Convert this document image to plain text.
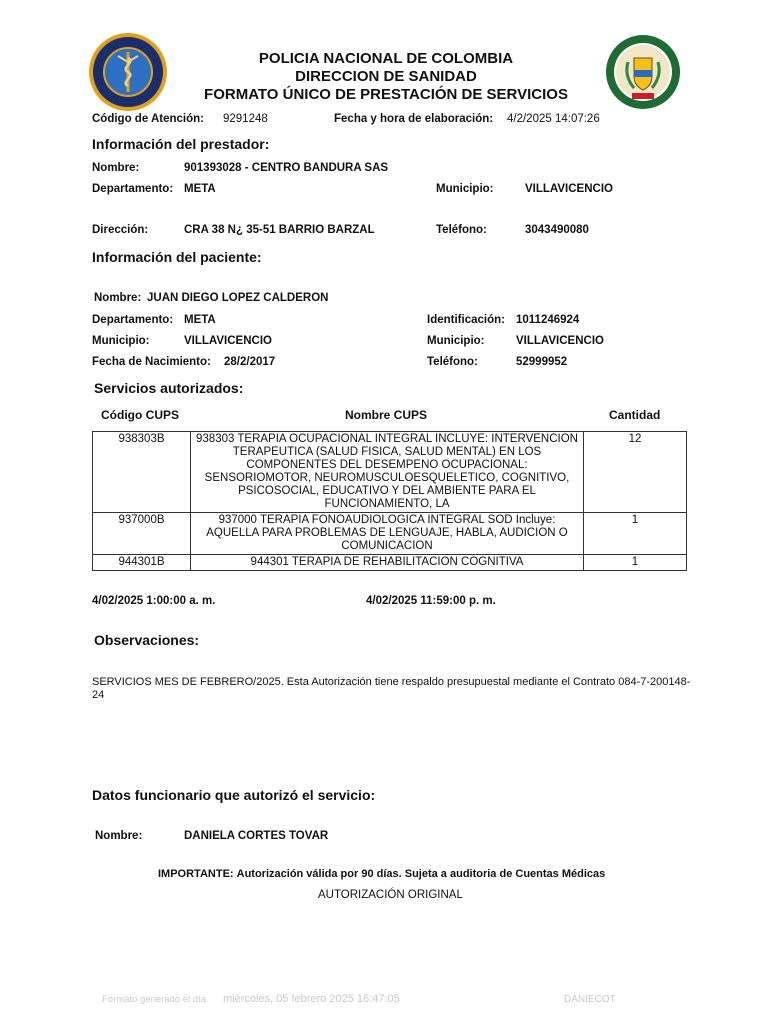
POLICIA NACIONAL DE COLOMBIA
DIRECCION DE SANIDAD
FORMATO ÚNICO DE PRESTACIÓN DE SERVICIOS
Código de Atención: 9291248	Fecha y hora de elaboración: 4/2/2025 14:07:26
Información del prestador:
Nombre:	901393028 - CENTRO BANDURA SAS
Departamento: META	Municipio:	VILLAVICENCIO
Dirección:	CRA 38 N¿ 35-51 BARRIO BARZAL	Teléfono:	3043490080
Información del paciente:
Nombre: JUAN DIEGO LOPEZ CALDERON
Departamento: META	Identificación: 1011246924
Municipio:	VILLAVICENCIO	Municipio:	VILLAVICENCIO
Fecha de Nacimiento: 28/2/2017	Teléfono:	52999952
Servicios autorizados:
Código CUPS	Nombre CUPS	Cantidad
938303B	938303 TERAPIA OCUPACIONAL INTEGRAL INCLUYE: INTERVENCION TERAPEUTICA (SALUD FISICA, SALUD MENTAL) EN LOS COMPONENTES DEL DESEMPENO OCUPACIONAL: SENSORIOMOTOR, NEUROMUSCULOESQUELETICO, COGNITIVO, PSICOSOCIAL, EDUCATIVO Y DEL AMBIENTE PARA EL FUNCIONAMIENTO, LA	12
937000B	937000 TERAPIA FONOAUDIOLOGICA INTEGRAL SOD Incluye: AQUELLA PARA PROBLEMAS DE LENGUAJE, HABLA, AUDICION O COMUNICACION	1
944301B	944301 TERAPIA DE REHABILITACION COGNITIVA	1
4/02/2025 1:00:00 a. m.	4/02/2025 11:59:00 p. m.
Observaciones:
SERVICIOS MES DE FEBRERO/2025. Esta Autorización tiene respaldo presupuestal mediante el Contrato 084-7-200148-24
Datos funcionario que autorizó el servicio:
Nombre:	DANIELA CORTES TOVAR
IMPORTANTE: Autorización válida por 90 días. Sujeta a auditoria de Cuentas Médicas
AUTORIZACIÓN ORIGINAL
Formato generado el día miércoles, 05 febrero 2025 16:47:05	DANIECOT
